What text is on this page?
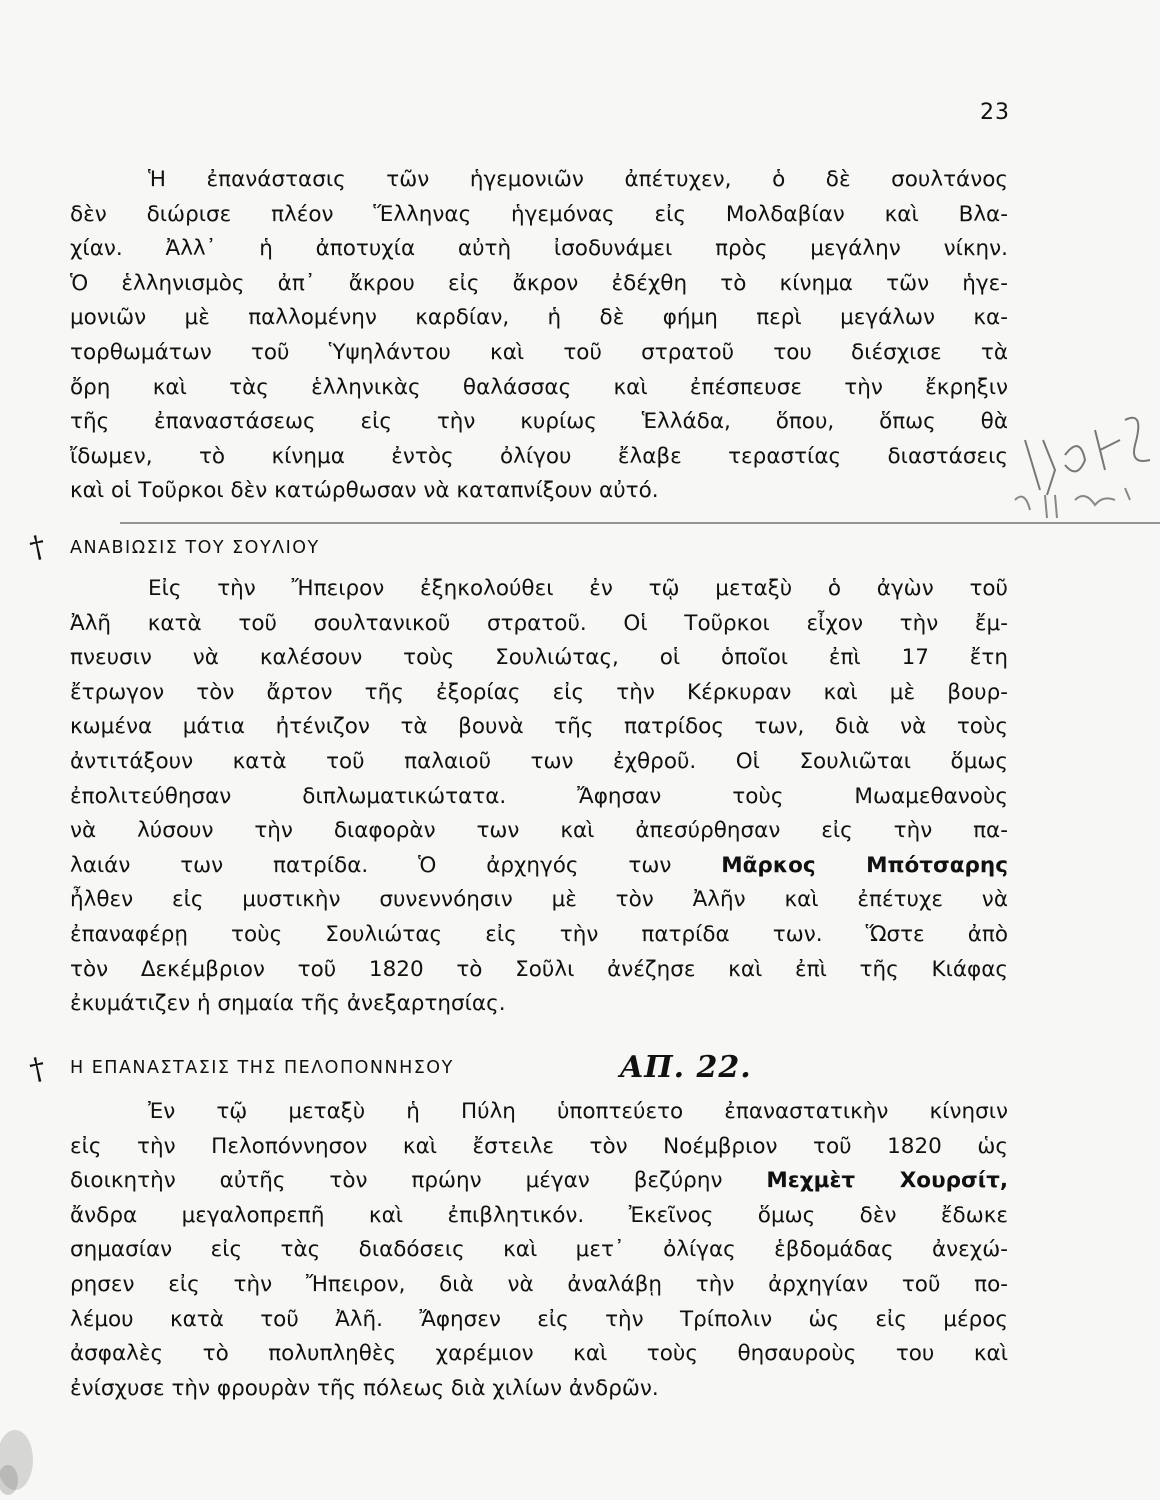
23
Ἡ ἐπανάστασις τῶν ἡγεμονιῶν ἀπέτυχεν, ὁ δὲ σουλτάνος
δὲν διώρισε πλέον Ἕλληνας ἡγεμόνας εἰς Μολδαβίαν καὶ Βλα-
χίαν. Ἀλλ᾽ ἡ ἀποτυχία αὐτὴ ἰσοδυνάμει πρὸς μεγάλην νίκην.
Ὁ ἑλληνισμὸς ἀπ᾽ ἄκρου εἰς ἄκρον ἐδέχθη τὸ κίνημα τῶν ἡγε-
μονιῶν μὲ παλλομένην καρδίαν, ἡ δὲ φήμη περὶ μεγάλων κα-
τορθωμάτων τοῦ Ὑψηλάντου καὶ τοῦ στρατοῦ του διέσχισε τὰ
ὄρη καὶ τὰς ἑλληνικὰς θαλάσσας καὶ ἐπέσπευσε τὴν ἔκρηξιν
τῆς ἐπαναστάσεως εἰς τὴν κυρίως Ἑλλάδα, ὅπου, ὅπως θὰ
ἴδωμεν, τὸ κίνημα ἐντὸς ὀλίγου ἔλαβε τεραστίας διαστάσεις
καὶ οἱ Τοῦρκοι δὲν κατώρθωσαν νὰ καταπνίξουν αὐτό.
† ΑΝΑΒΙΩΣΙΣ ΤΟΥ ΣΟΥΛΙΟΥ
Εἰς τὴν Ἤπειρον ἐξηκολούθει ἐν τῷ μεταξὺ ὁ ἀγὼν τοῦ
Ἀλῆ κατὰ τοῦ σουλτανικοῦ στρατοῦ. Οἱ Τοῦρκοι εἶχον τὴν ἔμ-
πνευσιν νὰ καλέσουν τοὺς Σουλιώτας, οἱ ὁποῖοι ἐπὶ 17 ἔτη
ἔτρωγον τὸν ἄρτον τῆς ἐξορίας εἰς τὴν Κέρκυραν καὶ μὲ βουρ-
κωμένα μάτια ἠτένιζον τὰ βουνὰ τῆς πατρίδος των, διὰ νὰ τοὺς
ἀντιτάξουν κατὰ τοῦ παλαιοῦ των ἐχθροῦ. Οἱ Σουλιῶται ὅμως
ἐπολιτεύθησαν διπλωματικώτατα. Ἄφησαν τοὺς Μωαμεθανοὺς
νὰ λύσουν τὴν διαφορὰν των καὶ ἀπεσύρθησαν εἰς τὴν πα-
λαιάν των πατρίδα. Ὁ ἀρχηγός των Μᾶρκος Μπότσαρης
ἦλθεν εἰς μυστικὴν συνεννόησιν μὲ τὸν Ἀλῆν καὶ ἐπέτυχε νὰ
ἐπαναφέρῃ τοὺς Σουλιώτας εἰς τὴν πατρίδα των. Ὥστε ἀπὸ
τὸν Δεκέμβριον τοῦ 1820 τὸ Σοῦλι ἀνέζησε καὶ ἐπὶ τῆς Κιάφας
ἐκυμάτιζεν ἡ σημαία τῆς ἀνεξαρτησίας.
† Η ΕΠΑΝΑΣΤΑΣΙΣ ΤΗΣ ΠΕΛΟΠΟΝΝΗΣΟΥ	ΑΠ. 22.
Ἐν τῷ μεταξὺ ἡ Πύλη ὑποπτεύετο ἐπαναστατικὴν κίνησιν
εἰς τὴν Πελοπόννησον καὶ ἔστειλε τὸν Νοέμβριον τοῦ 1820 ὡς
διοικητὴν αὐτῆς τὸν πρώην μέγαν βεζύρην Μεχμὲτ Χουρσίτ,
ἄνδρα μεγαλοπρεπῆ καὶ ἐπιβλητικόν. Ἐκεῖνος ὅμως δὲν ἔδωκε
σημασίαν εἰς τὰς διαδόσεις καὶ μετ᾽ ὀλίγας ἑβδομάδας ἀνεχώ-
ρησεν εἰς τὴν Ἤπειρον, διὰ νὰ ἀναλάβῃ τὴν ἀρχηγίαν τοῦ πο-
λέμου κατὰ τοῦ Ἀλῆ. Ἄφησεν εἰς τὴν Τρίπολιν ὡς εἰς μέρος
ἀσφαλὲς τὸ πολυπληθὲς χαρέμιον καὶ τοὺς θησαυροὺς του καὶ
ἐνίσχυσε τὴν φρουρὰν τῆς πόλεως διὰ χιλίων ἀνδρῶν.
